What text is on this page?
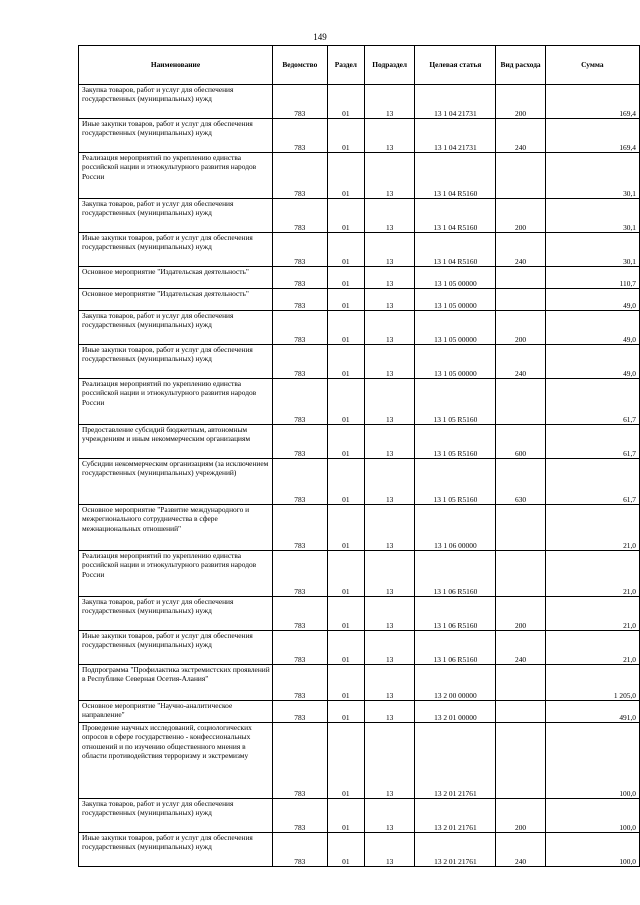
149
Наименование	Ведомство	Раздел	Подраздел	Целевая статья	Вид расхода	Сумма
Закупка товаров, работ и услуг для обеспечения государственных (муниципальных) нужд	783	01	13	13 1 04 21731	200	169,4
Иные закупки товаров, работ и услуг для обеспечения государственных (муниципальных) нужд	783	01	13	13 1 04 21731	240	169,4
Реализация мероприятий по укреплению единства российской нации и этнокультурного развития народов России	783	01	13	13 1 04 R5160		30,1
Закупка товаров, работ и услуг для обеспечения государственных (муниципальных) нужд	783	01	13	13 1 04 R5160	200	30,1
Иные закупки товаров, работ и услуг для обеспечения государственных (муниципальных) нужд	783	01	13	13 1 04 R5160	240	30,1
Основное мероприятие "Издательская деятельность"	783	01	13	13 1 05 00000		110,7
Основное мероприятие "Издательская деятельность"	783	01	13	13 1 05 00000		49,0
Закупка товаров, работ и услуг для обеспечения государственных (муниципальных) нужд	783	01	13	13 1 05 00000	200	49,0
Иные закупки товаров, работ и услуг для обеспечения государственных (муниципальных) нужд	783	01	13	13 1 05 00000	240	49,0
Реализация мероприятий по укреплению единства российской нации и этнокультурного развития народов России	783	01	13	13 1 05 R5160		61,7
Предоставление субсидий бюджетным, автономным учреждениям и иным некоммерческим организациям	783	01	13	13 1 05 R5160	600	61,7
Субсидии некоммерческим организациям (за исключением государственных (муниципальных) учреждений)	783	01	13	13 1 05 R5160	630	61,7
Основное мероприятие "Развитие международного и межрегионального сотрудничества в сфере межнациональных отношений"	783	01	13	13 1 06 00000		21,0
Реализация мероприятий по укреплению единства российской нации и этнокультурного развития народов России	783	01	13	13 1 06 R5160		21,0
Закупка товаров, работ и услуг для обеспечения государственных (муниципальных) нужд	783	01	13	13 1 06 R5160	200	21,0
Иные закупки товаров, работ и услуг для обеспечения государственных (муниципальных) нужд	783	01	13	13 1 06 R5160	240	21,0
Подпрограмма "Профилактика экстремистских проявлений в Республике Северная Осетия-Алания"	783	01	13	13 2 00 00000		1 205,0
Основное мероприятие "Научно-аналитическое направление"	783	01	13	13 2 01 00000		491,0
Проведение научных исследований, социологических опросов в сфере государственно - конфессиональных отношений и по изучению общественного мнения в области противодействия терроризму и экстремизму	783	01	13	13 2 01 21761		100,0
Закупка товаров, работ и услуг для обеспечения государственных (муниципальных) нужд	783	01	13	13 2 01 21761	200	100,0
Иные закупки товаров, работ и услуг для обеспечения государственных (муниципальных) нужд	783	01	13	13 2 01 21761	240	100,0
